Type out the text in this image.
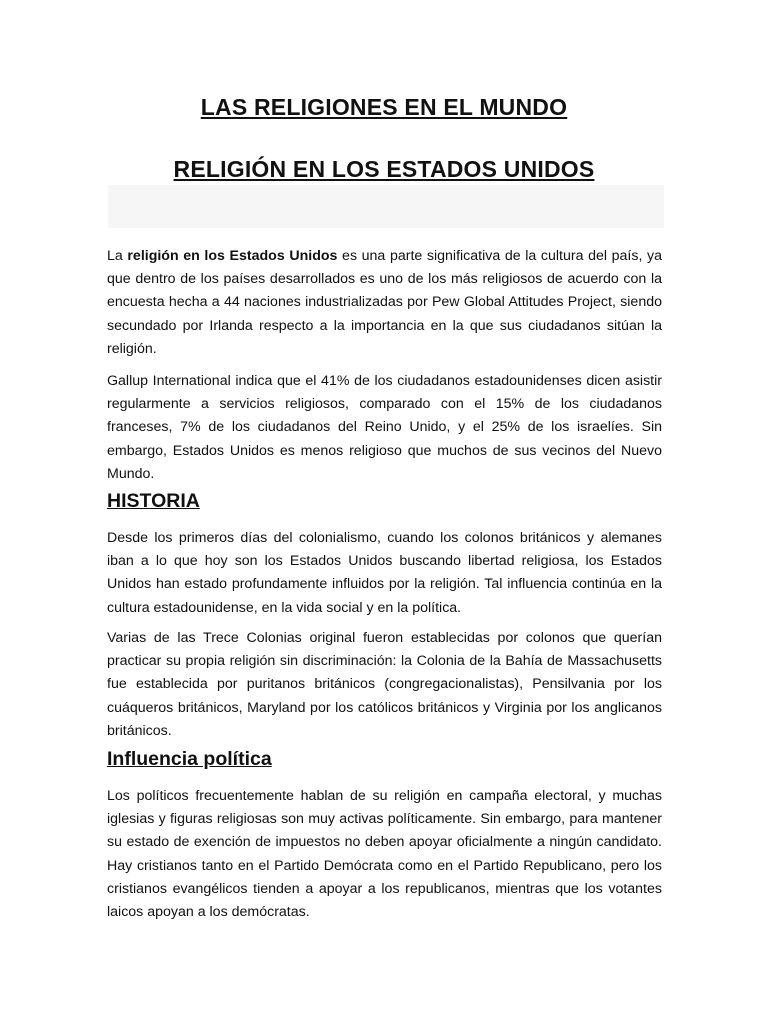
LAS RELIGIONES EN EL MUNDO
RELIGIÓN EN LOS ESTADOS UNIDOS

La religión en los Estados Unidos es una parte significativa de la cultura del país, ya que dentro de los países desarrollados es uno de los más religiosos de acuerdo con la encuesta hecha a 44 naciones industrializadas por Pew Global Attitudes Project, siendo secundado por Irlanda respecto a la importancia en la que sus ciudadanos sitúan la religión.

Gallup International indica que el 41% de los ciudadanos estadounidenses dicen asistir regularmente a servicios religiosos, comparado con el 15% de los ciudadanos franceses, 7% de los ciudadanos del Reino Unido, y el 25% de los israelíes. Sin embargo, Estados Unidos es menos religioso que muchos de sus vecinos del Nuevo Mundo.

HISTORIA

Desde los primeros días del colonialismo, cuando los colonos británicos y alemanes iban a lo que hoy son los Estados Unidos buscando libertad religiosa, los Estados Unidos han estado profundamente influidos por la religión. Tal influencia continúa en la cultura estadounidense, en la vida social y en la política.

Varias de las Trece Colonias original fueron establecidas por colonos que querían practicar su propia religión sin discriminación: la Colonia de la Bahía de Massachusetts fue establecida por puritanos británicos (congregacionalistas), Pensilvania por los cuáqueros británicos, Maryland por los católicos británicos y Virginia por los anglicanos británicos.

Influencia política

Los políticos frecuentemente hablan de su religión en campaña electoral, y muchas iglesias y figuras religiosas son muy activas políticamente. Sin embargo, para mantener su estado de exención de impuestos no deben apoyar oficialmente a ningún candidato. Hay cristianos tanto en el Partido Demócrata como en el Partido Republicano, pero los cristianos evangélicos tienden a apoyar a los republicanos, mientras que los votantes laicos apoyan a los demócratas.
